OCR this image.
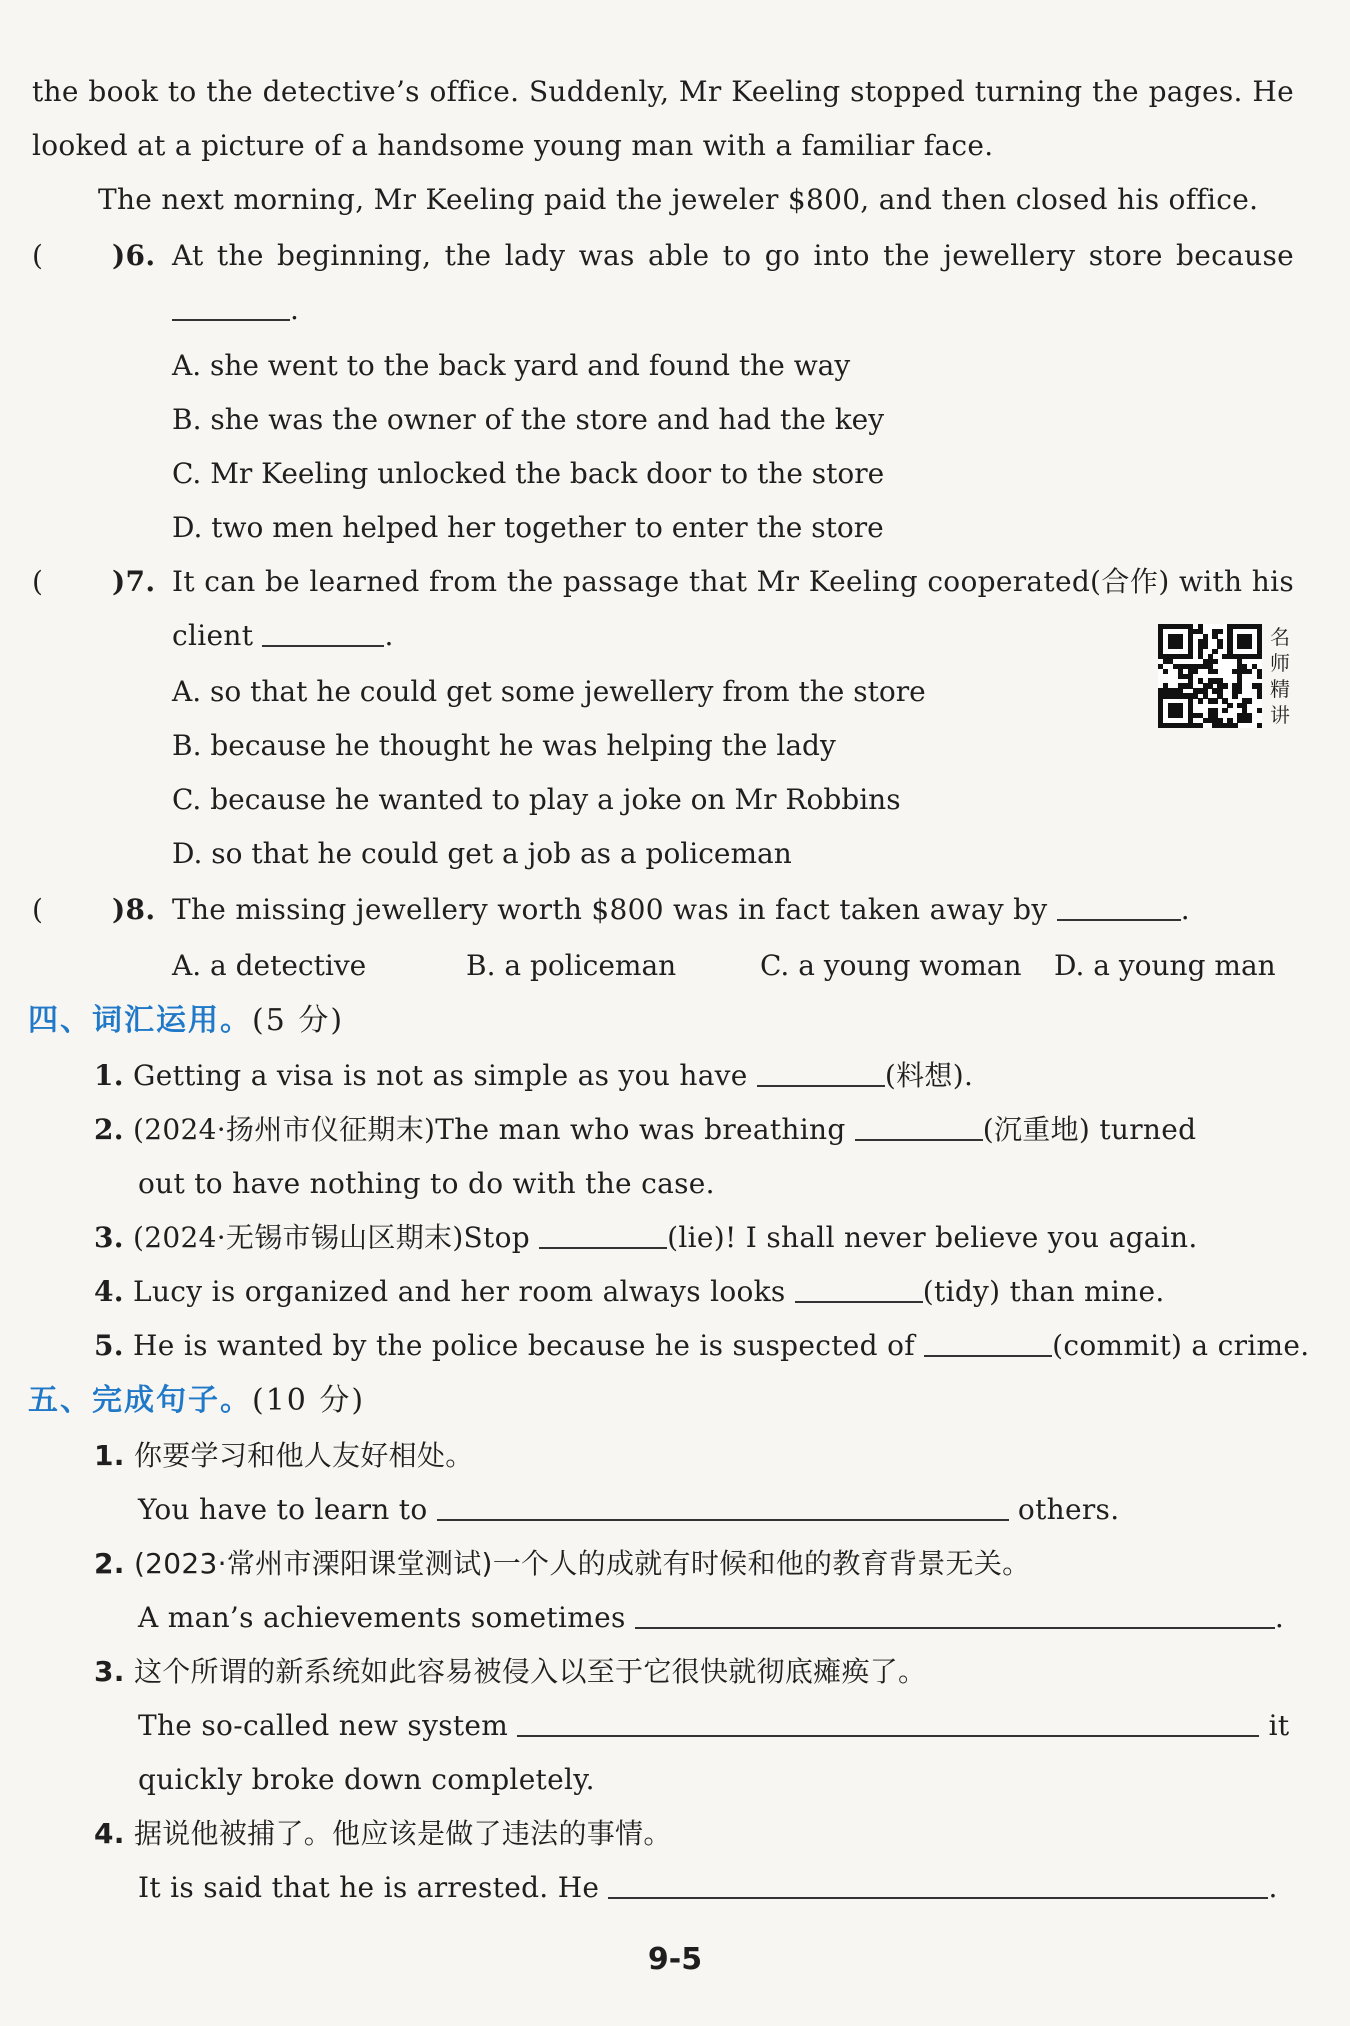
the book to the detective’s office. Suddenly, Mr Keeling stopped turning the pages. He
looked at a picture of a handsome young man with a familiar face.
The next morning, Mr Keeling paid the jeweler $800, and then closed his office.
( )6. At the beginning, the lady was able to go into the jewellery store because
.
A. she went to the back yard and found the way
B. she was the owner of the store and had the key
C. Mr Keeling unlocked the back door to the store
D. two men helped her together to enter the store
( )7. It can be learned from the passage that Mr Keeling cooperated(合作) with his
client	.
A. so that he could get some jewellery from the store
B. because he thought he was helping the lady
C. because he wanted to play a joke on Mr Robbins
D. so that he could get a job as a policeman
名
师
精
讲
( )8. The missing jewellery worth $800 was in fact taken away by	.
A. a detective	B. a policeman	C. a young woman D. a young man
四、词汇运用。(5 分)
1. Getting a visa is not as simple as you have	(料想).
2. (2024·扬州市仪征期末)The man who was breathing	(沉重地) turned
out to have nothing to do with the case.
3. (2024·无锡市锡山区期末)Stop	(lie)! I shall never believe you again.
4. Lucy is organized and her room always looks	(tidy) than mine.
5. He is wanted by the police because he is suspected of	(commit) a crime.
五、完成句子。(10 分)
1. 你要学习和他人友好相处。
You have to learn to	others.
2. (2023·常州市溧阳课堂测试)一个人的成就有时候和他的教育背景无关。
A man’s achievements sometimes	.
3. 这个所谓的新系统如此容易被侵入以至于它很快就彻底瘫痪了。
The so-called new system	it
quickly broke down completely.
4. 据说他被捕了。他应该是做了违法的事情。
It is said that he is arrested. He	.
9-5
